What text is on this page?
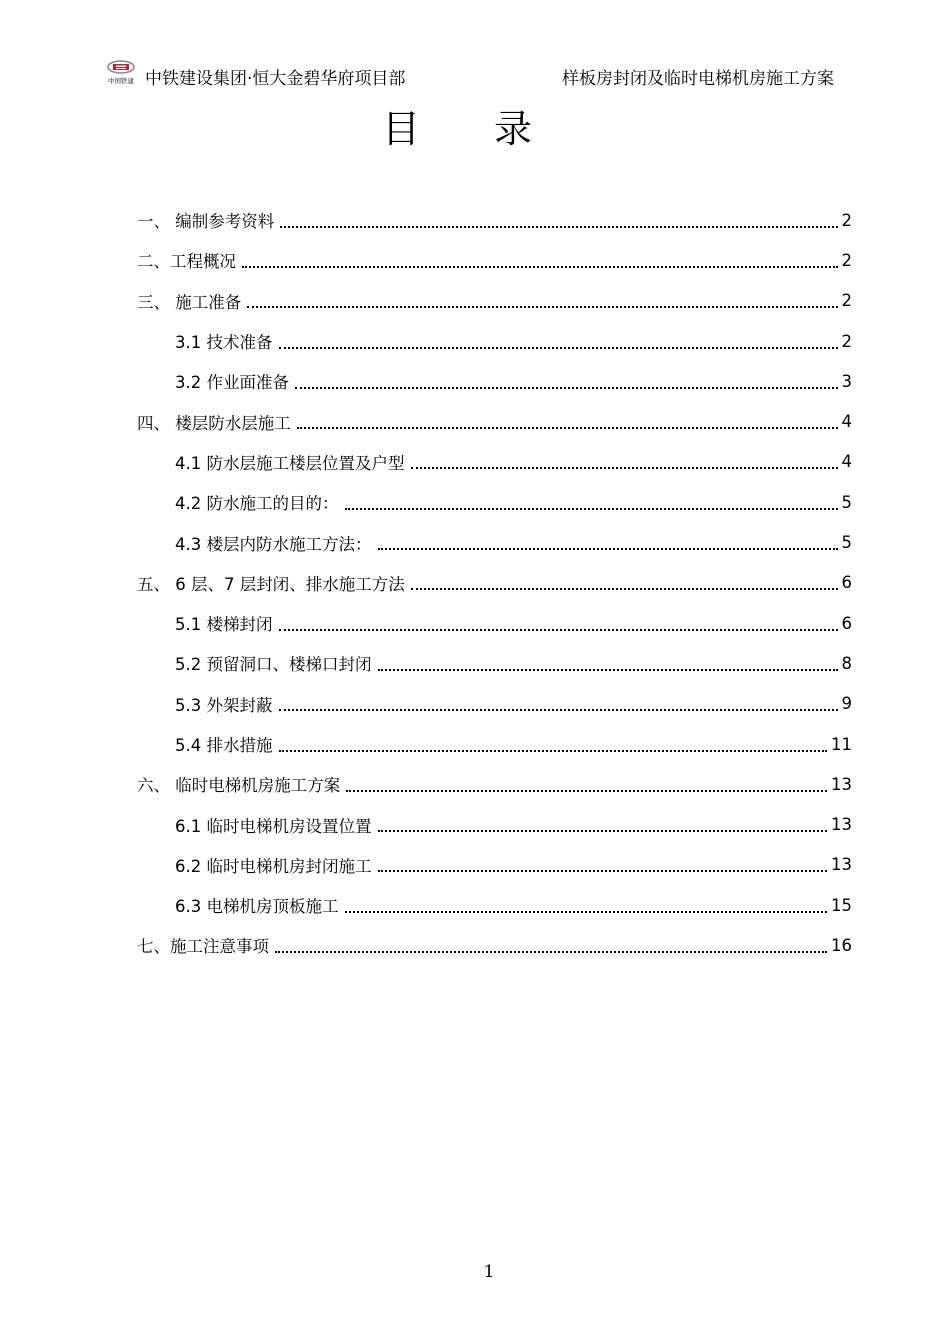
中国铁建 中铁建设集团·恒大金碧华府项目部	样板房封闭及临时电梯机房施工方案
目录
一、 编制参考资料	2
二、工程概况	2
三、 施工准备	2
3.1 技术准备	2
3.2 作业面准备	3
四、 楼层防水层施工	4
4.1 防水层施工楼层位置及户型	4
4.2 防水施工的目的：	5
4.3 楼层内防水施工方法：	5
五、 6 层、7 层封闭、排水施工方法	6
5.1 楼梯封闭	6
5.2 预留洞口、楼梯口封闭	8
5.3 外架封蔽	9
5.4 排水措施	11
六、 临时电梯机房施工方案	13
6.1 临时电梯机房设置位置	13
6.2 临时电梯机房封闭施工	13
6.3 电梯机房顶板施工	15
七、施工注意事项	16
1
